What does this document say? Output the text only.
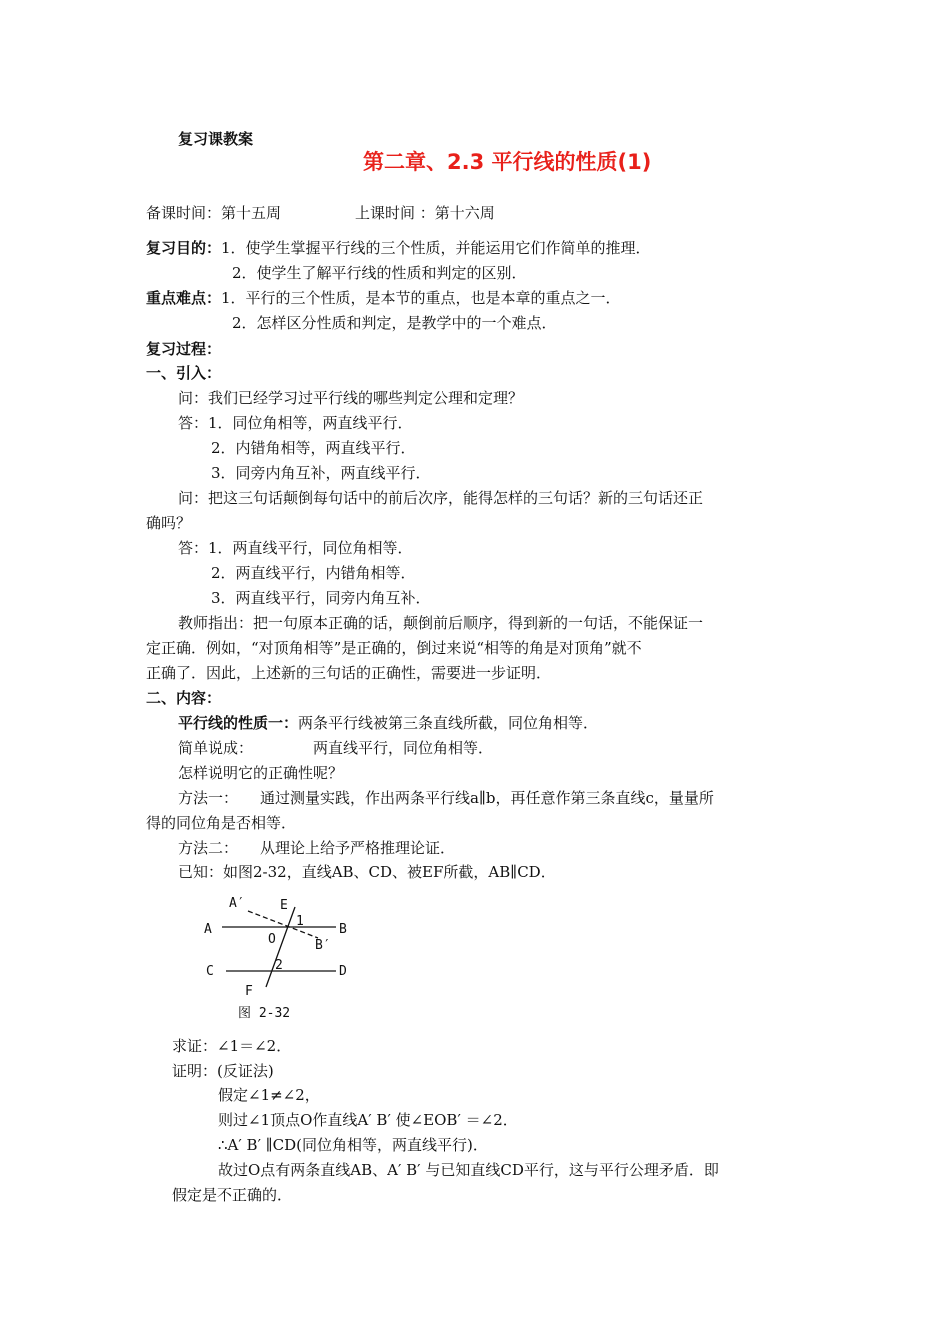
复习课教案
第二章、2.3 平行线的性质(1)
备课时间：第十五周	上课时间 ：第十六周
复习目的：1．使学生掌握平行线的三个性质，并能运用它们作简单的推理．
2．使学生了解平行线的性质和判定的区别．
重点难点：1．平行的三个性质，是本节的重点，也是本章的重点之一．
2．怎样区分性质和判定，是教学中的一个难点．
复习过程：
一、引入：
问：我们已经学习过平行线的哪些判定公理和定理？
答：1．同位角相等，两直线平行．
2．内错角相等，两直线平行．
3．同旁内角互补，两直线平行．
问：把这三句话颠倒每句话中的前后次序，能得怎样的三句话？新的三句话还正
确吗？
答：1．两直线平行，同位角相等．
2．两直线平行，内错角相等．
3．两直线平行，同旁内角互补．
教师指出：把一句原本正确的话，颠倒前后顺序，得到新的一句话，不能保证一
定正确．例如，“对顶角相等”是正确的，倒过来说“相等的角是对顶角”就不
正确了．因此，上述新的三句话的正确性，需要进一步证明．
二、内容：
平行线的性质一：两条平行线被第三条直线所截，同位角相等．
简单说成：	两直线平行，同位角相等．
怎样说明它的正确性呢？
方法一： 通过测量实践，作出两条平行线a∥b，再任意作第三条直线c，量量所
得的同位角是否相等．
方法二： 从理论上给予严格推理论证．
已知：如图2-32，直线AB、CD、被EF所截，AB∥CD．
A	B
C	D
E
F
O
A′
B′
1
2
图 2-32
求证：∠1＝∠2．
证明：(反证法)
假定∠1≠∠2，
则过∠1顶点O作直线A′ B′ 使∠EOB′ ＝∠2．
∴A′ B′ ∥CD(同位角相等，两直线平行)．
故过O点有两条直线AB、A′ B′ 与已知直线CD平行，这与平行公理矛盾．即
假定是不正确的．
